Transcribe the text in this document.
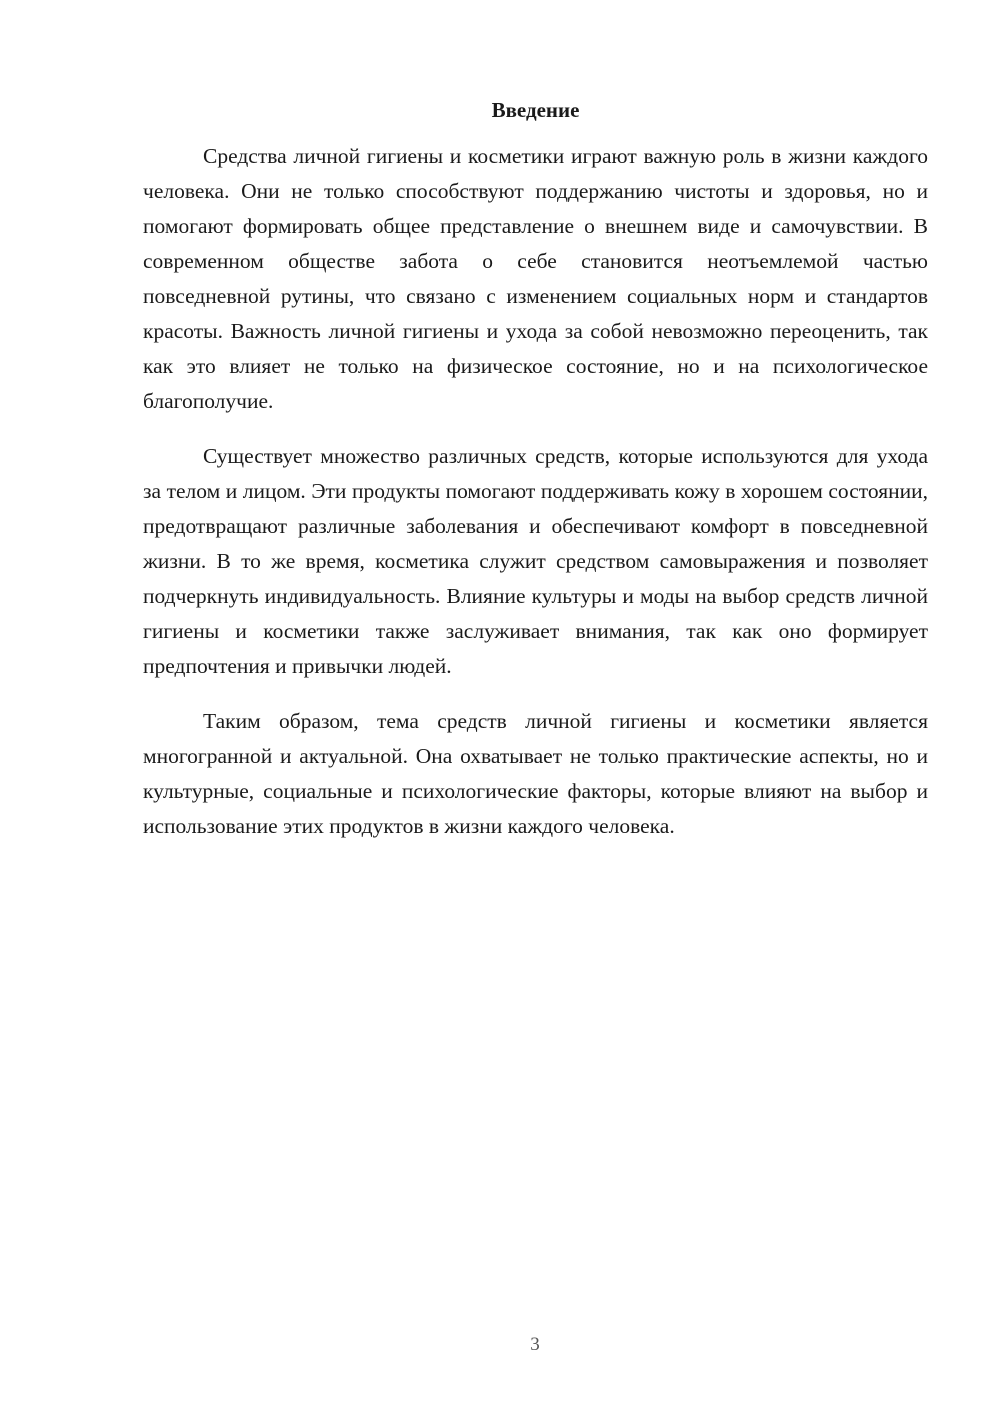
Введение

Средства личной гигиены и косметики играют важную роль в жизни каждого человека. Они не только способствуют поддержанию чистоты и здоровья, но и помогают формировать общее представление о внешнем виде и самочувствии. В современном обществе забота о себе становится неотъемлемой частью повседневной рутины, что связано с изменением социальных норм и стандартов красоты. Важность личной гигиены и ухода за собой невозможно переоценить, так как это влияет не только на физическое состояние, но и на психологическое благополучие.

Существует множество различных средств, которые используются для ухода за телом и лицом. Эти продукты помогают поддерживать кожу в хорошем состоянии, предотвращают различные заболевания и обеспечивают комфорт в повседневной жизни. В то же время, косметика служит средством самовыражения и позволяет подчеркнуть индивидуальность. Влияние культуры и моды на выбор средств личной гигиены и косметики также заслуживает внимания, так как оно формирует предпочтения и привычки людей.

Таким образом, тема средств личной гигиены и косметики является многогранной и актуальной. Она охватывает не только практические аспекты, но и культурные, социальные и психологические факторы, которые влияют на выбор и использование этих продуктов в жизни каждого человека.

3
